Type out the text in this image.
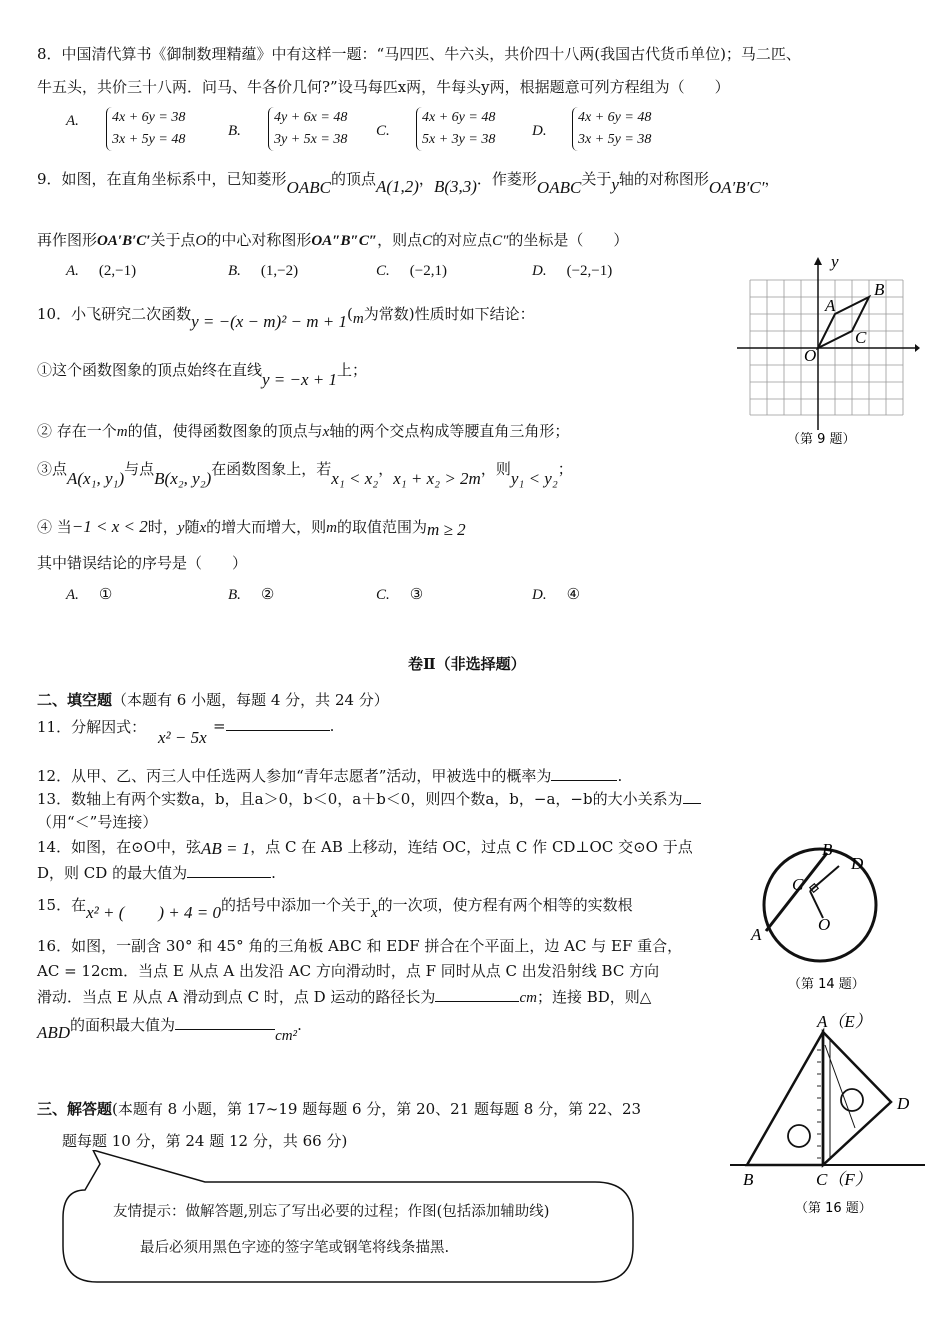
8．中国清代算书《御制数理精蕴》中有这样一题：“马四匹、牛六头，共价四十八两(我国古代货币单位)；马二匹、
牛五头，共价三十八两．问马、牛各价几何?”设马每匹x两，牛每头y两，根据题意可列方程组为（　　）
A. 4x + 6y = 38
3x + 5y = 48
B.
4y + 6x = 48
3y + 5x = 38
C.
4x + 6y = 48
5x + 3y = 38
D.
4x + 6y = 48
3x + 5y = 38
9．如图，在直角坐标系中，已知菱形OABC的顶点A(1,2)，B(3,3)．作菱形OABC关于y轴的对称图形OA′B′C′，
再作图形OA′B′C′关于点O的中心对称图形OA″B″C″，则点C的对应点C″的坐标是（　　）
A. (2,−1)	B. (1,−2)	C. (−2,1)	D. (−2,−1)	y
A
B
C
O
（第 9 题）
10．小飞研究二次函数y = −(x − m)² − m + 1(m为常数)性质时如下结论：
①这个函数图象的顶点始终在直线y = −x + 1上；
② 存在一个m的值，使得函数图象的顶点与x轴的两个交点构成等腰直角三角形；
③点A(x₁, y₁)与点B(x₂, y₂)在函数图象上，若x₁ < x₂，x₁ + x₂ > 2m，则y₁ < y₂；
④ 当−1 < x < 2时，y随x的增大而增大，则m的取值范围为m ≥ 2
其中错误结论的序号是（　　）
A. ①	B. ②	C. ③	D. ④
卷Ⅱ（非选择题）
二、填空题（本题有 6 小题，每题 4 分，共 24 分）
11．分解因式：
x² − 5x
=	.
12．从甲、乙、丙三人中任选两人参加“青年志愿者”活动，甲被选中的概率为	.
13．数轴上有两个实数a，b，且a＞0，b＜0，a＋b＜0，则四个数a，b，−a，−b的大小关系为
（用“＜”号连接）
14．如图，在⊙O中，弦AB = 1，点 C 在 AB 上移动，连结 OC，过点 C 作 CD⊥OC 交⊙O 于点
D，则 CD 的最大值为	.
15．在x² + (　　) + 4 = 0的括号中添加一个关于x的一次项，使方程有两个相等的实数根
16．如图，一副含 30° 和 45° 角的三角板 ABC 和 EDF 拼合在个平面上，边 AC 与 EF 重合，
AC = 12cm．当点 E 从点 A 出发沿 AC 方向滑动时，点 F 同时从点 C 出发沿射线 BC 方向
滑动．当点 E 从点 A 滑动到点 C 时，点 D 运动的路径长为	cm；连接 BD，则△
ABD的面积最大值为cm².
三、解答题(本题有 8 小题，第 17~19 题每题 6 分，第 20、21 题每题 8 分，第 22、23
题每题 10 分，第 24 题 12 分，共 66 分)
友情提示：做解答题,别忘了写出必要的过程；作图(包括添加辅助线)
最后必须用黑色字迹的签字笔或钢笔将线条描黑.
B
D
C
O
A
（第 14 题）
A（E）
D
B	C（F）
（第 16 题）
